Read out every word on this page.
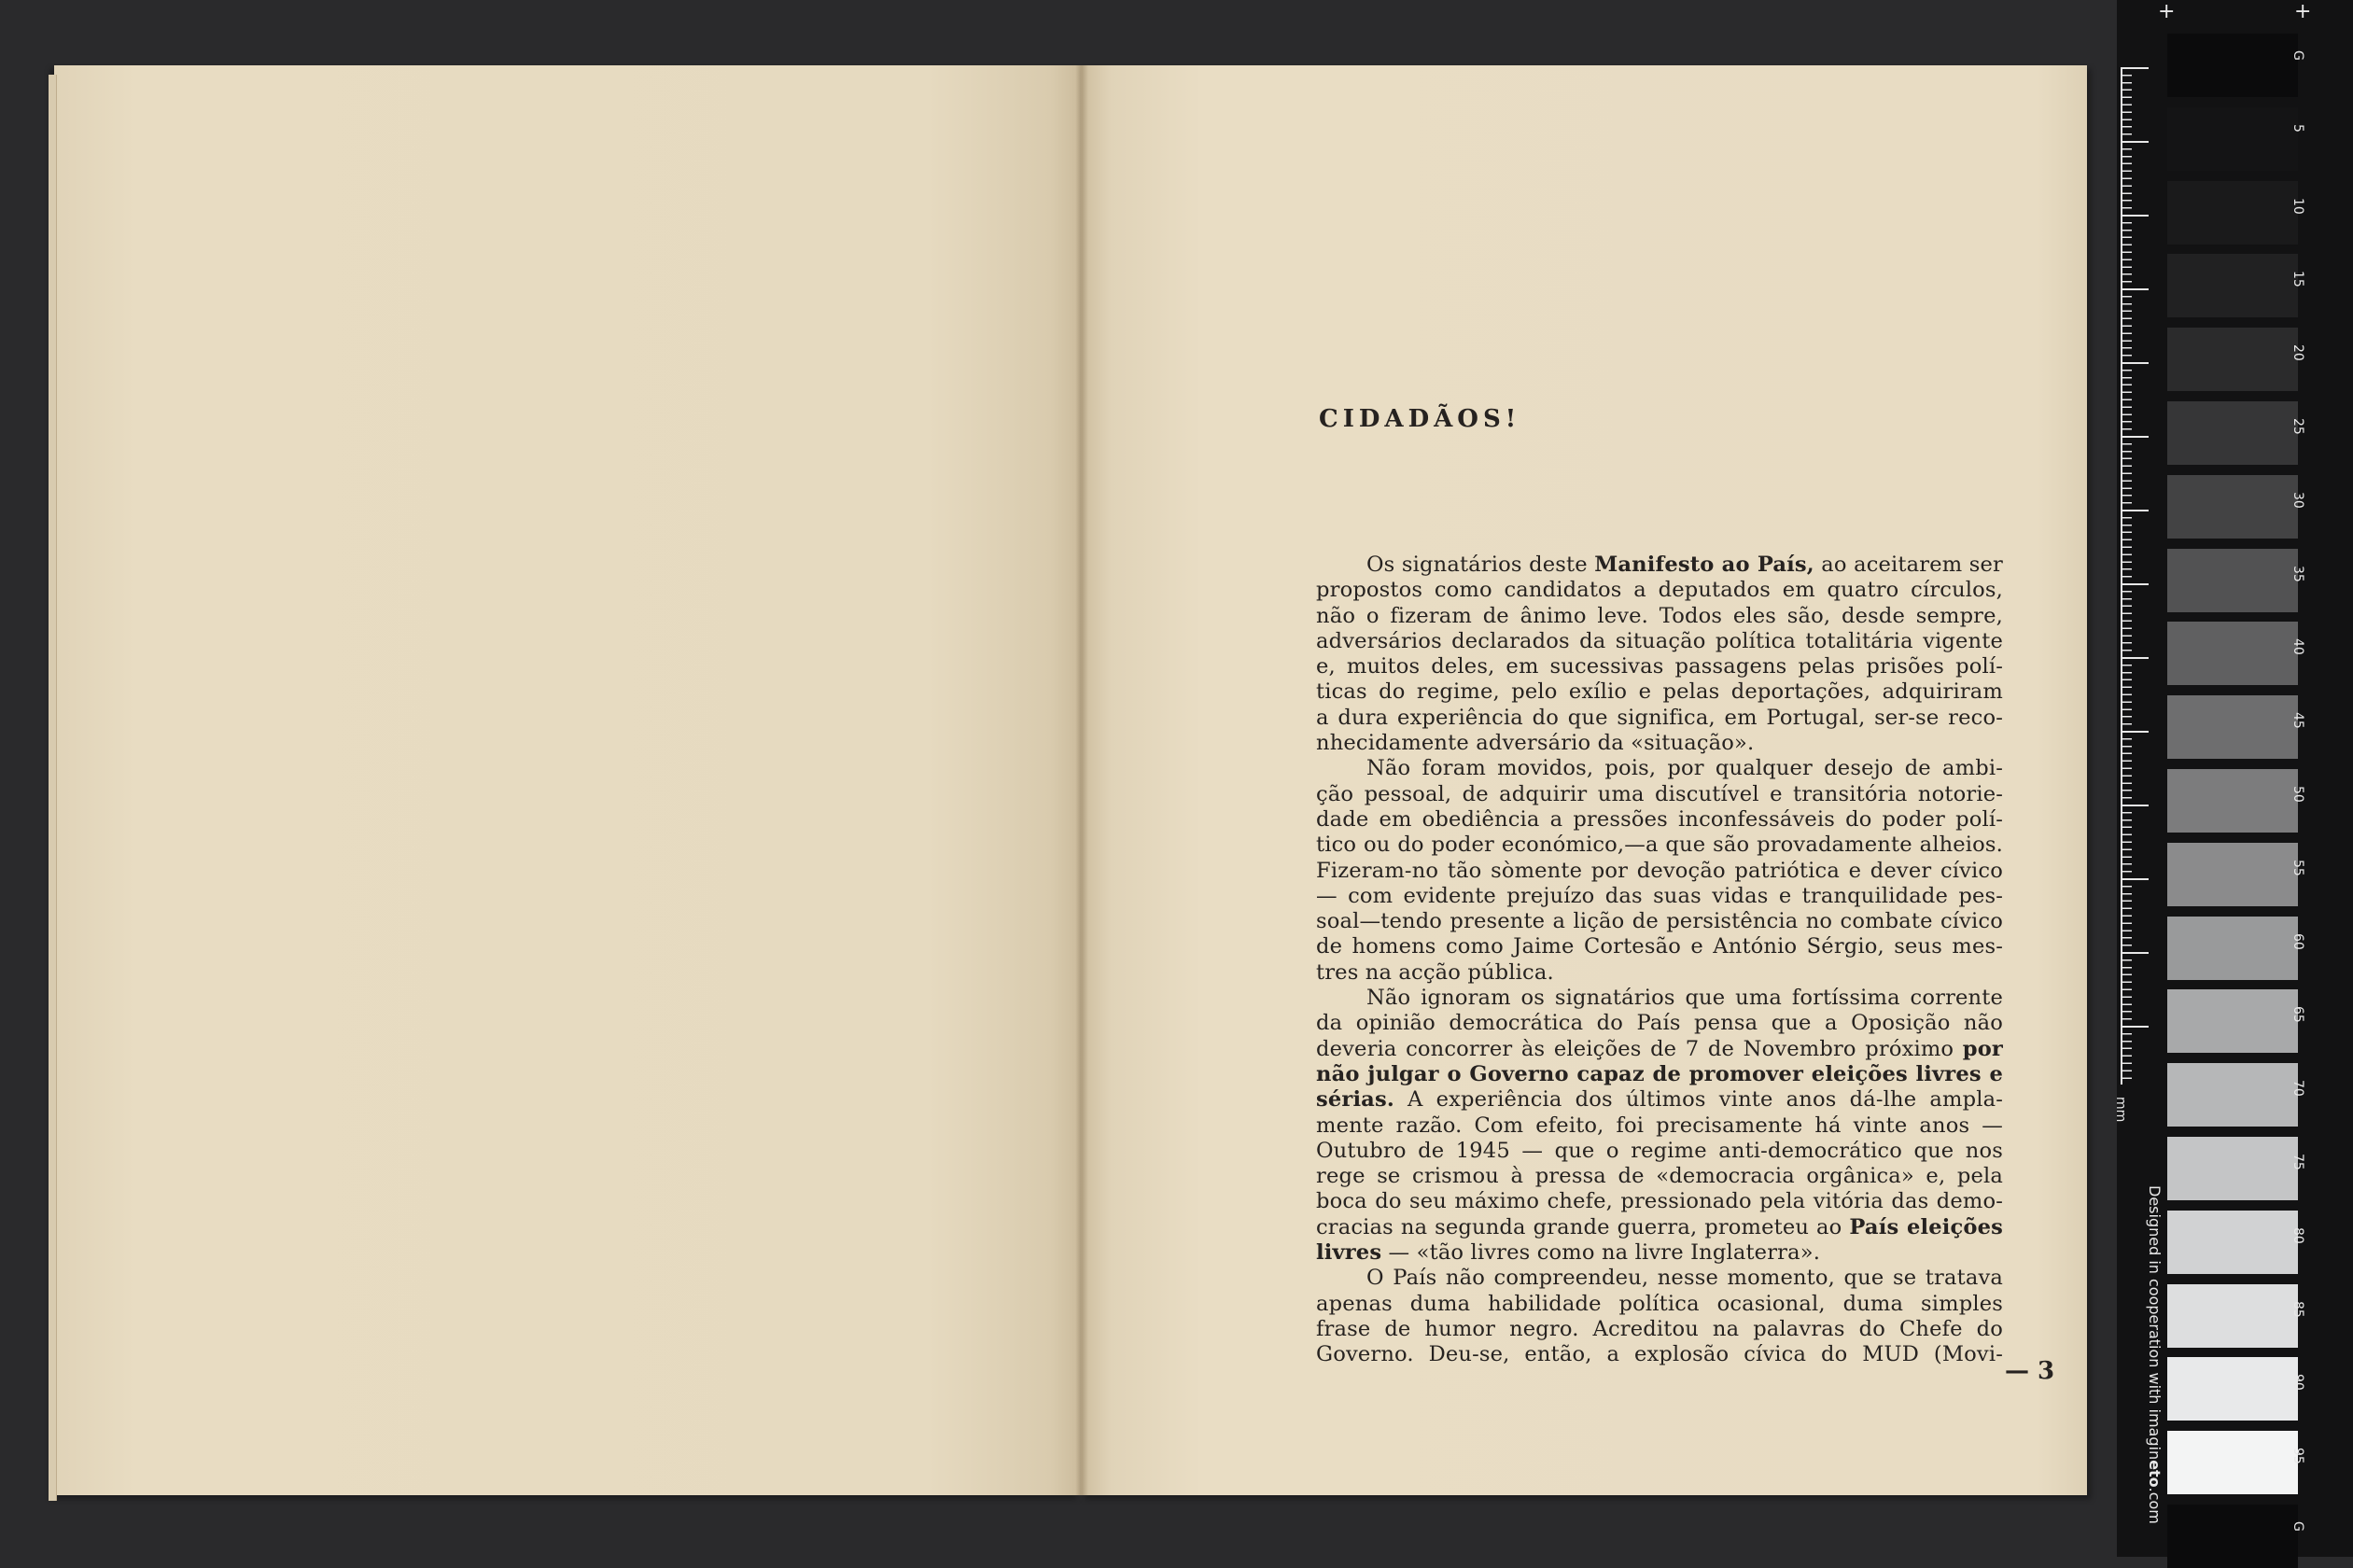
CIDADÃOS!
Os signatários deste Manifesto ao País, ao aceitarem ser
propostos como candidatos a deputados em quatro círculos,
não o fizeram de ânimo leve. Todos eles são, desde sempre,
adversários declarados da situação política totalitária vigente
e, muitos deles, em sucessivas passagens pelas prisões polí-
ticas do regime, pelo exílio e pelas deportações, adquiriram
a dura experiência do que significa, em Portugal, ser-se reco-
nhecidamente adversário da «situação».
Não foram movidos, pois, por qualquer desejo de ambi-
ção pessoal, de adquirir uma discutível e transitória notorie-
dade em obediência a pressões inconfessáveis do poder polí-
tico ou do poder económico,—a que são provadamente alheios.
Fizeram-no tão sòmente por devoção patriótica e dever cívico
— com evidente prejuízo das suas vidas e tranquilidade pes-
soal—tendo presente a lição de persistência no combate cívico
de homens como Jaime Cortesão e António Sérgio, seus mes-
tres na acção pública.
Não ignoram os signatários que uma fortíssima corrente
da opinião democrática do País pensa que a Oposição não
deveria concorrer às eleições de 7 de Novembro próximo por
não julgar o Governo capaz de promover eleições livres e
sérias. A experiência dos últimos vinte anos dá-lhe ampla-
mente razão. Com efeito, foi precisamente há vinte anos —
Outubro de 1945 — que o regime anti-democrático que nos
rege se crismou à pressa de «democracia orgânica» e, pela
boca do seu máximo chefe, pressionado pela vitória das demo-
cracias na segunda grande guerra, prometeu ao País eleições
livres — «tão livres como na livre Inglaterra».
O País não compreendeu, nesse momento, que se tratava
apenas duma habilidade política ocasional, duma simples
frase de humor negro. Acreditou na palavras do Chefe do
Governo. Deu-se, então, a explosão cívica do MUD (Movi-
— 3
+	+
mm
Designed in cooperation with imagineto.com
G
5
10
15
20
25
30
35
40
45
50
55
60
65
70
75
80
85
90
95
G
